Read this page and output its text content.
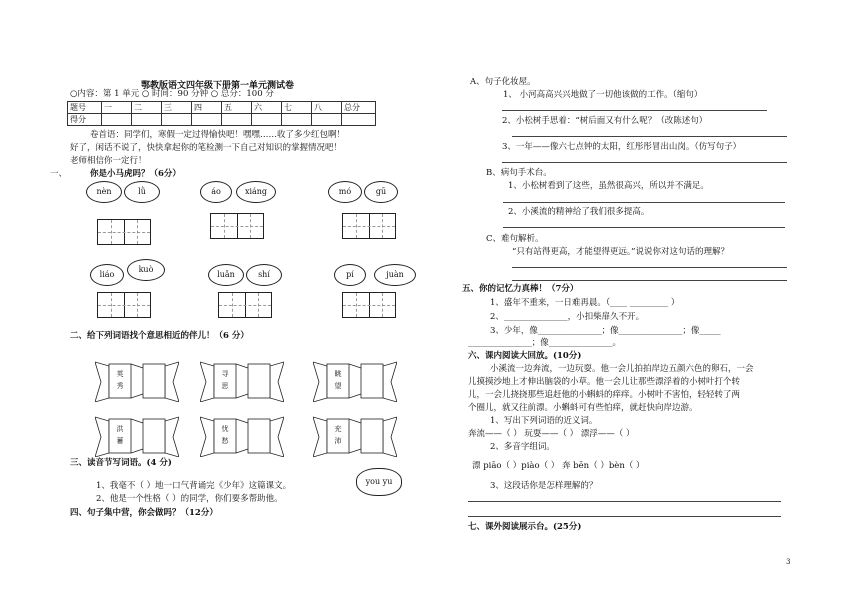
鄂教版语文四年级下册第一单元测试卷
○内容：第 1 单元 ○ 时间：90 分钟 ○ 总分：100 分
题号	一	二	三	四	五	六	七	八	总分
得分									
卷首语：同学们，寒假一定过得愉快吧！嘿嘿……收了多少红包啊！
好了，闲话不说了，快快拿起你的笔检测一下自己对知识的掌握情况吧！
老师相信你一定行！
一、	你是小马虎吗？（6分）
nèn	lǜ	áo	xiáng	mó	gū
liáo
kuò
luǎn	shí	pí	juàn
二、给下列词语找个意思相近的伴儿！（6 分）
英
秀
寻
思
眺
望
洪
蓄
忧
愁
充
沛
三、读音节写词语。(4 分)
you yu
1、我毫不（ ）地一口气背诵完《少年》这篇课文。
2、他是一个性格（ ）的同学，你们要多帮助他。
四、句子集中营，你会做吗？（12分）
A、句子化妆屋。
1、 小河高高兴兴地做了一切他该做的工作。（缩句）
2、小松树手思着：“树后面又有什么呢？（改陈述句）
3、一年——像六七点钟的太阳，红彤彤冒出山岗。（仿写句子）
B、病句手术台。
1、小松树看到了这些，虽然很高兴，所以并不满足。
2、小溪流的精神给了我们很多提高。
C、难句解析。
“只有站得更高，才能望得更远。”说说你对这句话的理解？
五、你的记忆力真棒！（7分）
1、盛年不重来，一日难再晨。（____ _________ ）
2、_______________，小扣柴扉久不开。
3、少年，像_______________；像_______________；像_____
_______________；像_______________。
六、课内阅读大回放。(10分)
小溪流一边奔流，一边玩耍。他一会儿拍拍岸边五颜六色的卵石，一会
儿摸摸沙地上才伸出脑袋的小草。他一会儿让那些漂浮着的小树叶打个转
儿，一会儿挠挠那些追赶他的小蝌蚪的痒痒。小树叶不害怕，轻轻转了两
个圈儿，就又往前漂。小蝌蚪可有些怕痒，就赶快向岸边游。
1、写出下列词语的近义词。
奔流——（ ） 玩耍——（ ） 漂浮——（ ）
2、多音字组词。
漂 piāo（ ）piào（ ） 奔 bēn（ ）bèn（ ）
3、这段话你是怎样理解的？
七、课外阅读展示台。(25分)
3
